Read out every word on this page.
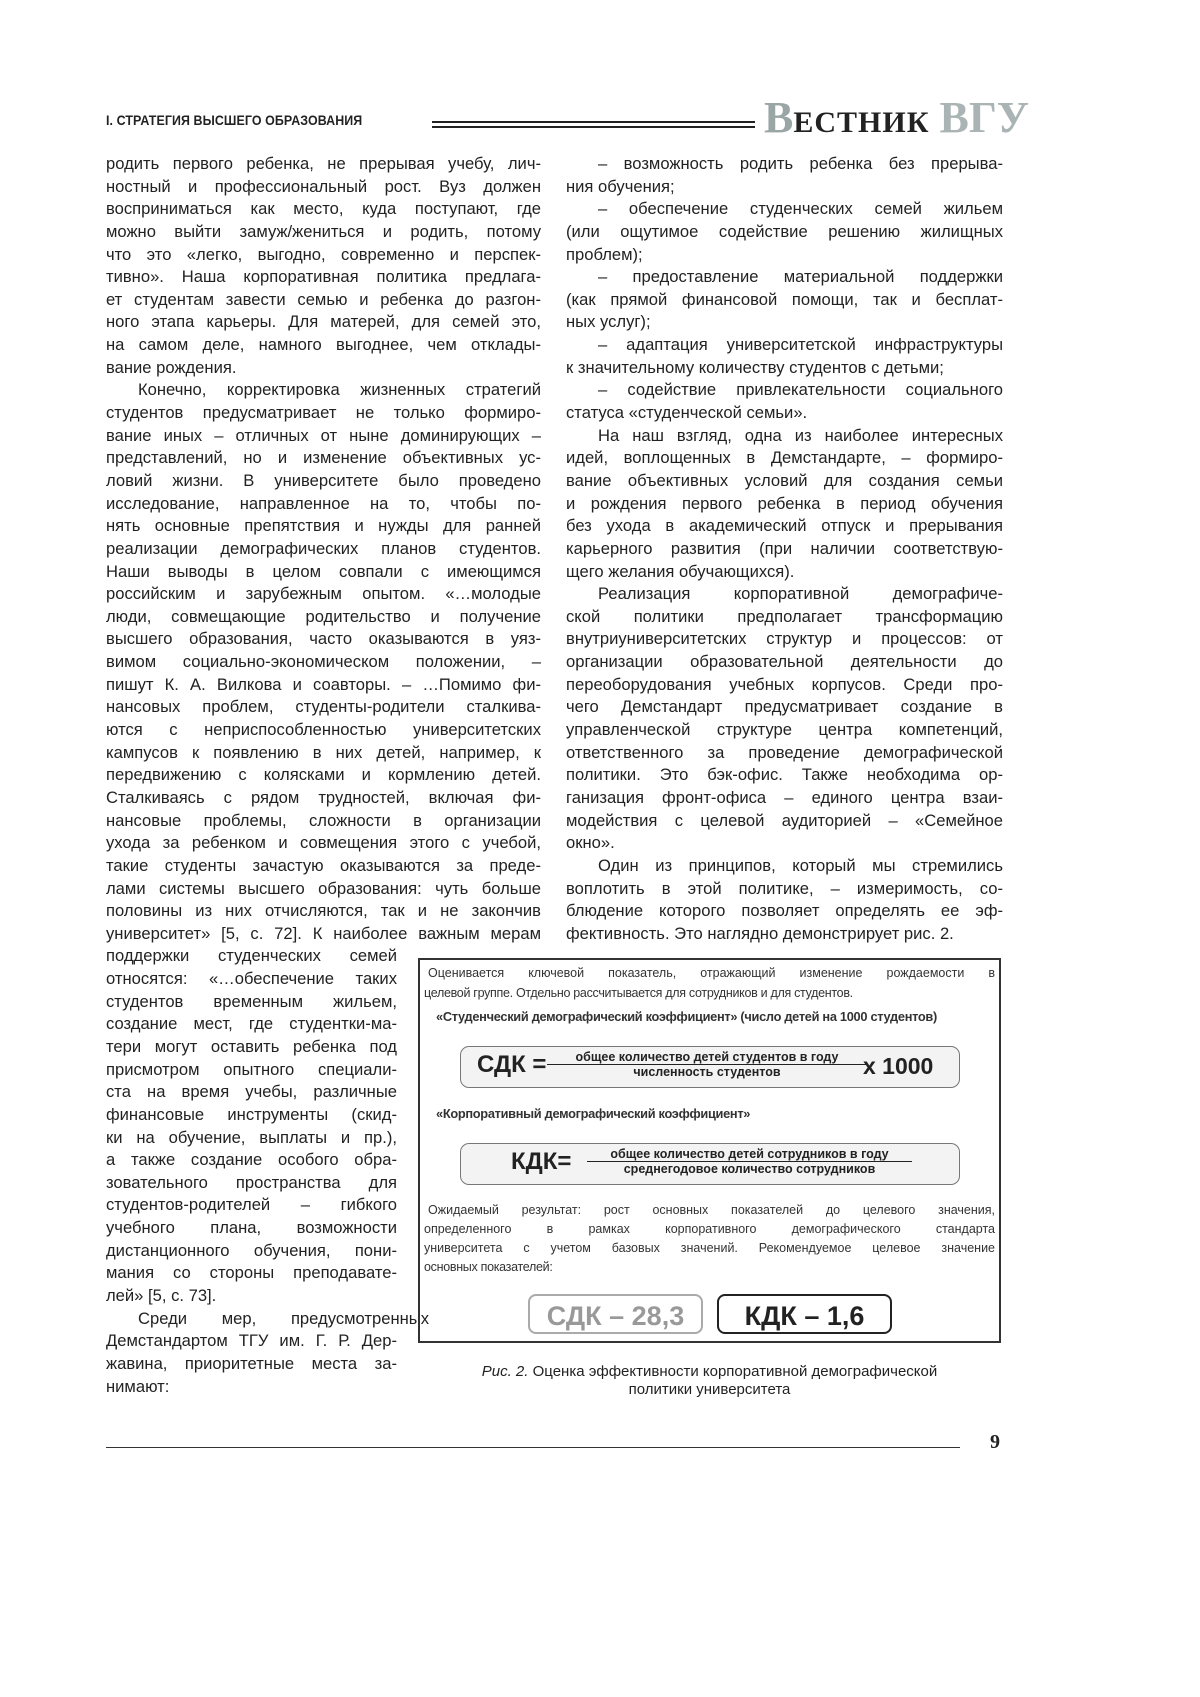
I. СТРАТЕГИЯ ВЫСШЕГО ОБРАЗОВАНИЯ	ВЕСТНИК ВГУ
родить первого ребенка, не прерывая учебу, лич-
ностный и профессиональный рост. Вуз должен
восприниматься как место, куда поступают, где
можно выйти замуж/жениться и родить, потому
что это «легко, выгодно, современно и перспек-
тивно». Наша корпоративная политика предлага-
ет студентам завести семью и ребенка до разгон-
ного этапа карьеры. Для матерей, для семей это,
на самом деле, намного выгоднее, чем отклады-
вание рождения.
Конечно, корректировка жизненных стратегий
студентов предусматривает не только формиро-
вание иных – отличных от ныне доминирующих –
представлений, но и изменение объективных ус-
ловий жизни. В университете было проведено
исследование, направленное на то, чтобы по-
нять основные препятствия и нужды для ранней
реализации демографических планов студентов.
Наши выводы в целом совпали с имеющимся
российским и зарубежным опытом. «…молодые
люди, совмещающие родительство и получение
высшего образования, часто оказываются в уяз-
вимом социально-экономическом положении, –
пишут К. А. Вилкова и соавторы. – …Помимо фи-
нансовых проблем, студенты-родители сталкива-
ются с неприспособленностью университетских
кампусов к появлению в них детей, например, к
передвижению с колясками и кормлению детей.
Сталкиваясь с рядом трудностей, включая фи-
нансовые проблемы, сложности в организации
ухода за ребенком и совмещения этого с учебой,
такие студенты зачастую оказываются за преде-
лами системы высшего образования: чуть больше
половины из них отчисляются, так и не закончив
университет» [5, с. 72]. К наиболее важным мерам
поддержки студенческих семей
относятся: «…обеспечение таких
студентов временным жильем,
создание мест, где студентки-ма-
тери могут оставить ребенка под
присмотром опытного специали-
ста на время учебы, различные
финансовые инструменты (скид-
ки на обучение, выплаты и пр.),
а также создание особого обра-
зовательного пространства для
студентов-родителей – гибкого
учебного плана, возможности
дистанционного обучения, пони-
мания со стороны преподавате-
лей» [5, с. 73].
Среди мер, предусмотренных
Демстандартом ТГУ им. Г. Р. Дер-
жавина, приоритетные места за-
нимают:
– возможность родить ребенка без прерыва-
ния обучения;
– обеспечение студенческих семей жильем
(или ощутимое содействие решению жилищных
проблем);
– предоставление материальной поддержки
(как прямой финансовой помощи, так и бесплат-
ных услуг);
– адаптация университетской инфраструктуры
к значительному количеству студентов с детьми;
– содействие привлекательности социального
статуса «студенческой семьи».
На наш взгляд, одна из наиболее интересных
идей, воплощенных в Демстандарте, – формиро-
вание объективных условий для создания семьи
и рождения первого ребенка в период обучения
без ухода в академический отпуск и прерывания
карьерного развития (при наличии соответствую-
щего желания обучающихся).
Реализация корпоративной демографиче-
ской политики предполагает трансформацию
внутриуниверситетских структур и процессов: от
организации образовательной деятельности до
переоборудования учебных корпусов. Среди про-
чего Демстандарт предусматривает создание в
управленческой структуре центра компетенций,
ответственного за проведение демографической
политики. Это бэк-офис. Также необходима ор-
ганизация фронт-офиса – единого центра взаи-
модействия с целевой аудиторией – «Семейное
окно».
Один из принципов, который мы стремились
воплотить в этой политике, – измеримость, со-
блюдение которого позволяет определять ее эф-
фективность. Это наглядно демонстрирует рис. 2.
Оценивается ключевой показатель, отражающий изменение рождаемости в
целевой группе. Отдельно рассчитывается для сотрудников и для студентов.
«Студенческий демографический коэффициент» (число детей на 1000 студентов)
СДК =	общее количество детей студентов в году
численность студентов	x 1000
«Корпоративный демографический коэффициент»
КДК=	общее количество детей сотрудников в году
среднегодовое количество сотрудников
Ожидаемый результат: рост основных показателей до целевого значения,
определенного в рамках корпоративного демографического стандарта
университета с учетом базовых значений. Рекомендуемое целевое значение
основных показателей:
СДК – 28,3	КДК – 1,6
Рис. 2. Оценка эффективности корпоративной демографической
политики университета
9
